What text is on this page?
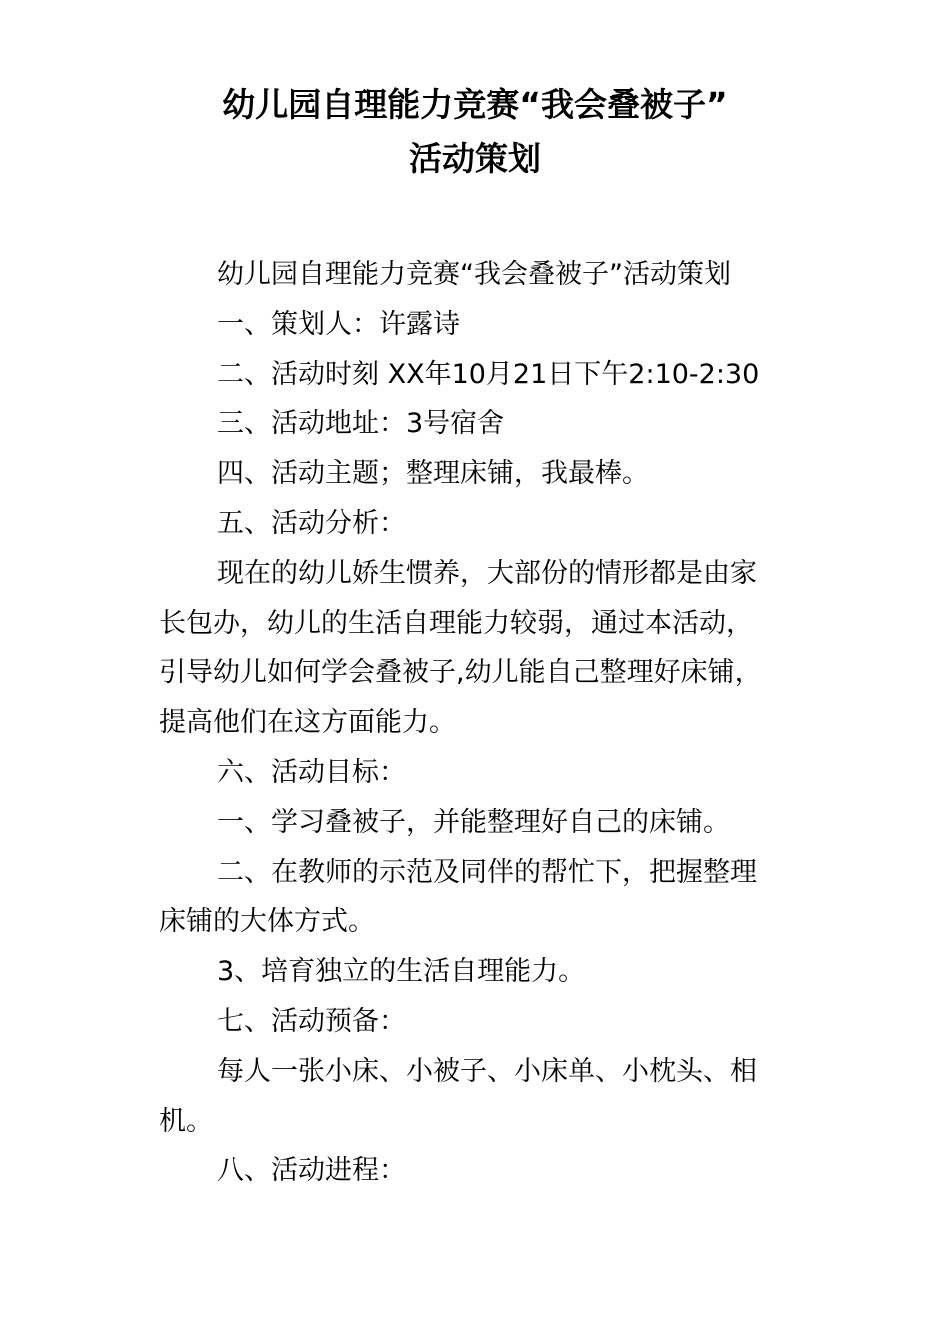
幼儿园自理能力竞赛“我会叠被子”
活动策划

幼儿园自理能力竞赛“我会叠被子”活动策划

一、策划人：许露诗

二、活动时刻 XX年10月21日下午2:10-2:30

三、活动地址：3号宿舍

四、活动主题；整理床铺，我最棒。

五、活动分析：

现在的幼儿娇生惯养，大部份的情形都是由家

长包办，幼儿的生活自理能力较弱，通过本活动，

引导幼儿如何学会叠被子,幼儿能自己整理好床铺，

提高他们在这方面能力。

六、活动目标：

一、学习叠被子，并能整理好自己的床铺。

二、在教师的示范及同伴的帮忙下，把握整理

床铺的大体方式。

3、培育独立的生活自理能力。

七、活动预备：

每人一张小床、小被子、小床单、小枕头、相

机。

八、活动进程：
